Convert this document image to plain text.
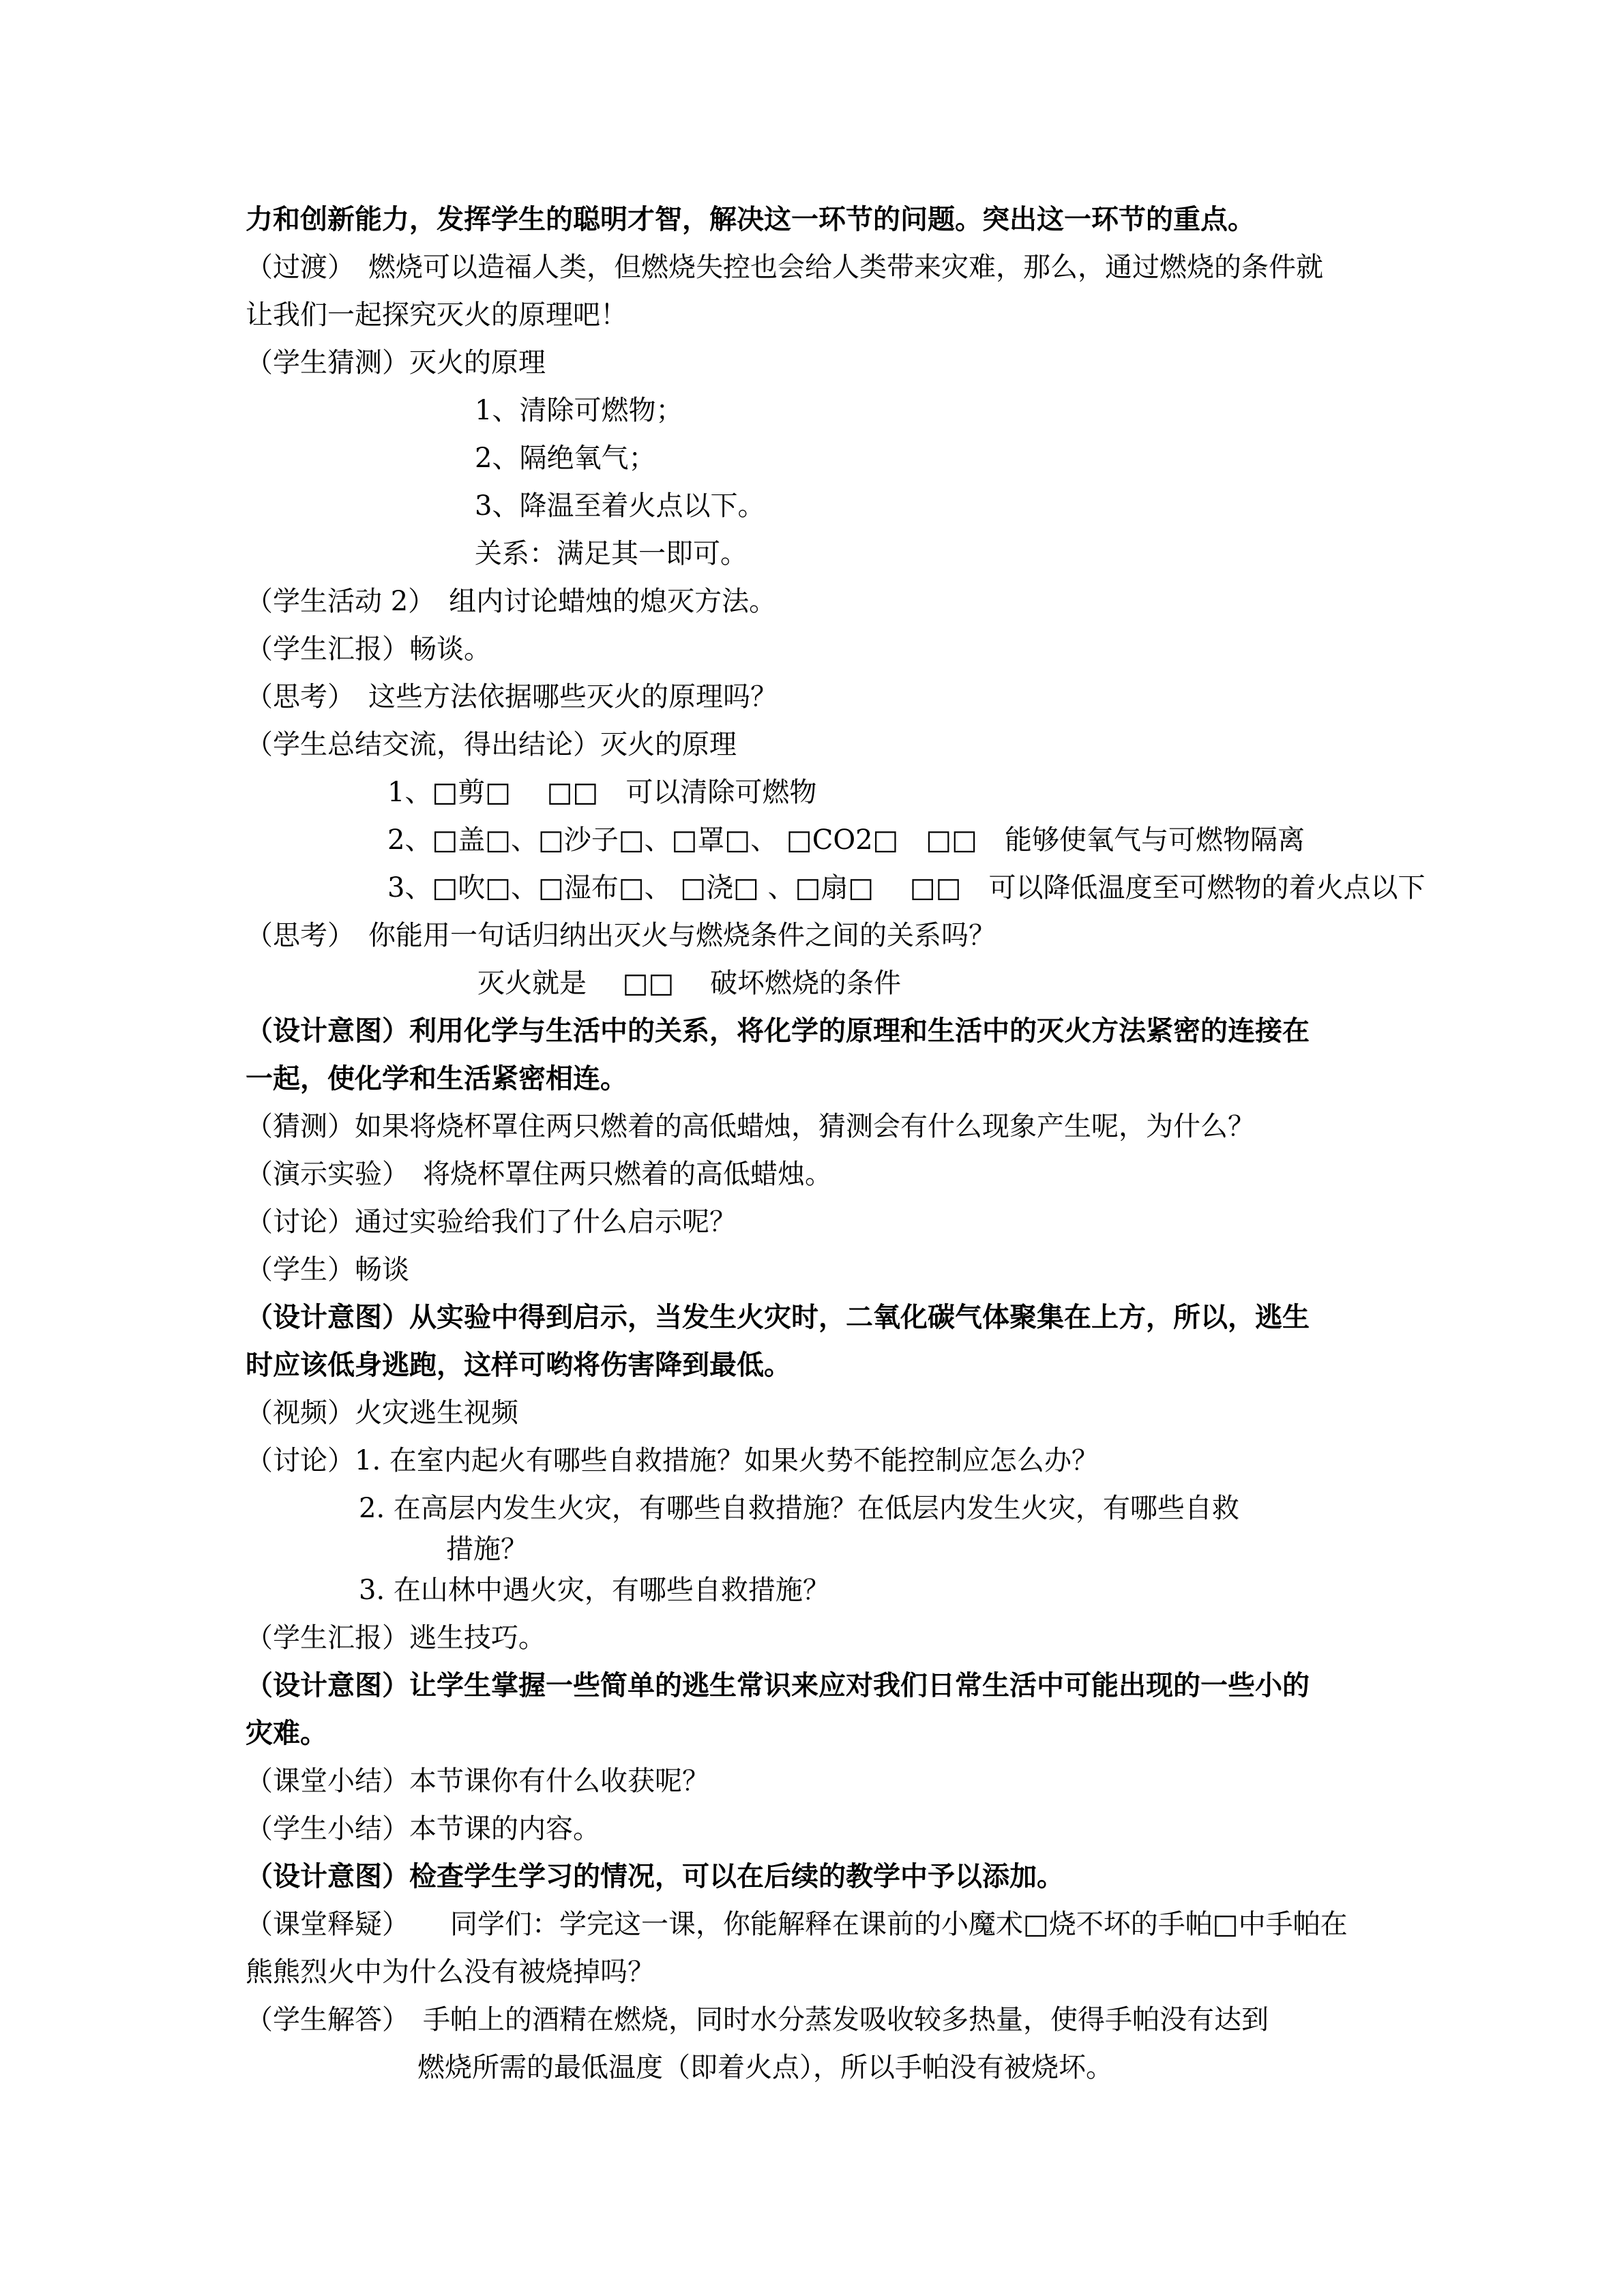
力和创新能力，发挥学生的聪明才智，解决这一环节的问题。突出这一环节的重点。
（过渡）　燃烧可以造福人类，但燃烧失控也会给人类带来灾难，那么，通过燃烧的条件就
让我们一起探究灭火的原理吧！
（学生猜测）灭火的原理
1、清除可燃物；
2、隔绝氧气；
3、降温至着火点以下。
关系：满足其一即可。
（学生活动 2）　组内讨论蜡烛的熄灭方法。
（学生汇报）畅谈。
（思考）　这些方法依据哪些灭火的原理吗？
（学生总结交流，得出结论）灭火的原理
1、□剪□　 □□　可以清除可燃物
2、□盖□、□沙子□、□罩□、 □CO2□　□□　能够使氧气与可燃物隔离
3、□吹□、□湿布□、 □浇□ 、□扇□　 □□　可以降低温度至可燃物的着火点以下
（思考）　你能用一句话归纳出灭火与燃烧条件之间的关系吗？
灭火就是　 □□　 破坏燃烧的条件
（设计意图）利用化学与生活中的关系，将化学的原理和生活中的灭火方法紧密的连接在
一起，使化学和生活紧密相连。
（猜测）如果将烧杯罩住两只燃着的高低蜡烛，猜测会有什么现象产生呢，为什么？
（演示实验）　将烧杯罩住两只燃着的高低蜡烛。
（讨论）通过实验给我们了什么启示呢？
（学生）畅谈
（设计意图）从实验中得到启示，当发生火灾时，二氧化碳气体聚集在上方，所以，逃生
时应该低身逃跑，这样可哟将伤害降到最低。
（视频）火灾逃生视频
（讨论）1. 在室内起火有哪些自救措施？如果火势不能控制应怎么办？
2. 在高层内发生火灾，有哪些自救措施？在低层内发生火灾，有哪些自救
措施？
3. 在山林中遇火灾，有哪些自救措施？
（学生汇报）逃生技巧。
（设计意图）让学生掌握一些简单的逃生常识来应对我们日常生活中可能出现的一些小的
灾难。
（课堂小结）本节课你有什么收获呢？
（学生小结）本节课的内容。
（设计意图）检查学生学习的情况，可以在后续的教学中予以添加。
（课堂释疑）　　同学们：学完这一课，你能解释在课前的小魔术□烧不坏的手帕□中手帕在
熊熊烈火中为什么没有被烧掉吗？
（学生解答）　手帕上的酒精在燃烧，同时水分蒸发吸收较多热量，使得手帕没有达到
燃烧所需的最低温度（即着火点），所以手帕没有被烧坏。
